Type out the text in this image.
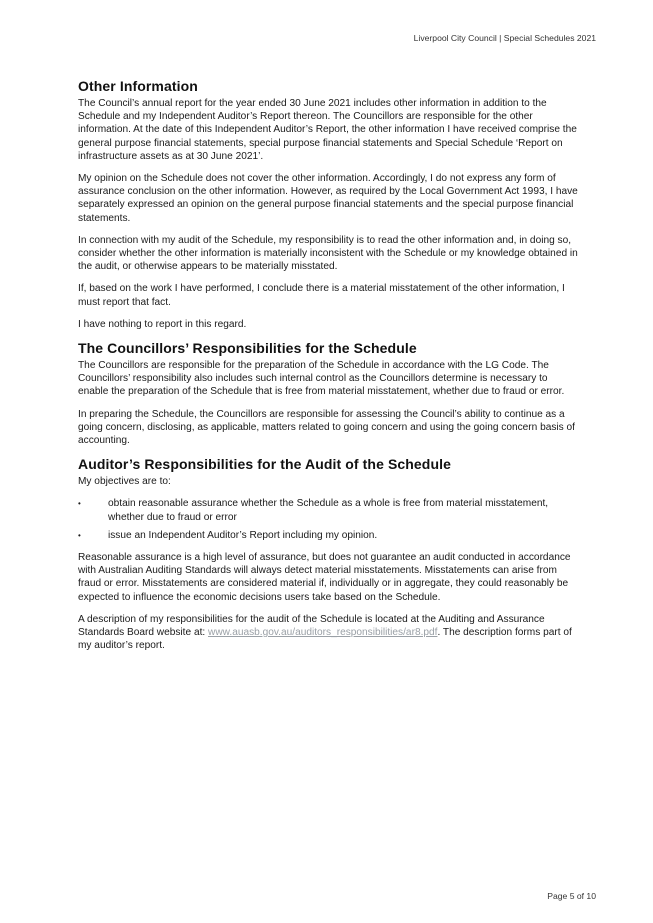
Liverpool City Council | Special Schedules 2021
Other Information

The Council’s annual report for the year ended 30 June 2021 includes other information in addition to the Schedule and my Independent Auditor’s Report thereon. The Councillors are responsible for the other information. At the date of this Independent Auditor’s Report, the other information I have received comprise the general purpose financial statements, special purpose financial statements and Special Schedule ‘Report on infrastructure assets as at 30 June 2021’.

My opinion on the Schedule does not cover the other information. Accordingly, I do not express any form of assurance conclusion on the other information. However, as required by the Local Government Act 1993, I have separately expressed an opinion on the general purpose financial statements and the special purpose financial statements.

In connection with my audit of the Schedule, my responsibility is to read the other information and, in doing so, consider whether the other information is materially inconsistent with the Schedule or my knowledge obtained in the audit, or otherwise appears to be materially misstated.

If, based on the work I have performed, I conclude there is a material misstatement of the other information, I must report that fact.

I have nothing to report in this regard.

The Councillors’ Responsibilities for the Schedule

The Councillors are responsible for the preparation of the Schedule in accordance with the LG Code. The Councillors’ responsibility also includes such internal control as the Councillors determine is necessary to enable the preparation of the Schedule that is free from material misstatement, whether due to fraud or error.

In preparing the Schedule, the Councillors are responsible for assessing the Council’s ability to continue as a going concern, disclosing, as applicable, matters related to going concern and using the going concern basis of accounting.

Auditor’s Responsibilities for the Audit of the Schedule

My objectives are to:

•	obtain reasonable assurance whether the Schedule as a whole is free from material misstatement, whether due to fraud or error
•	issue an Independent Auditor’s Report including my opinion.

Reasonable assurance is a high level of assurance, but does not guarantee an audit conducted in accordance with Australian Auditing Standards will always detect material misstatements. Misstatements can arise from fraud or error. Misstatements are considered material if, individually or in aggregate, they could reasonably be expected to influence the economic decisions users take based on the Schedule.

A description of my responsibilities for the audit of the Schedule is located at the Auditing and Assurance Standards Board website at: www.auasb.gov.au/auditors_responsibilities/ar8.pdf. The description forms part of my auditor’s report.

Page 5 of 10
